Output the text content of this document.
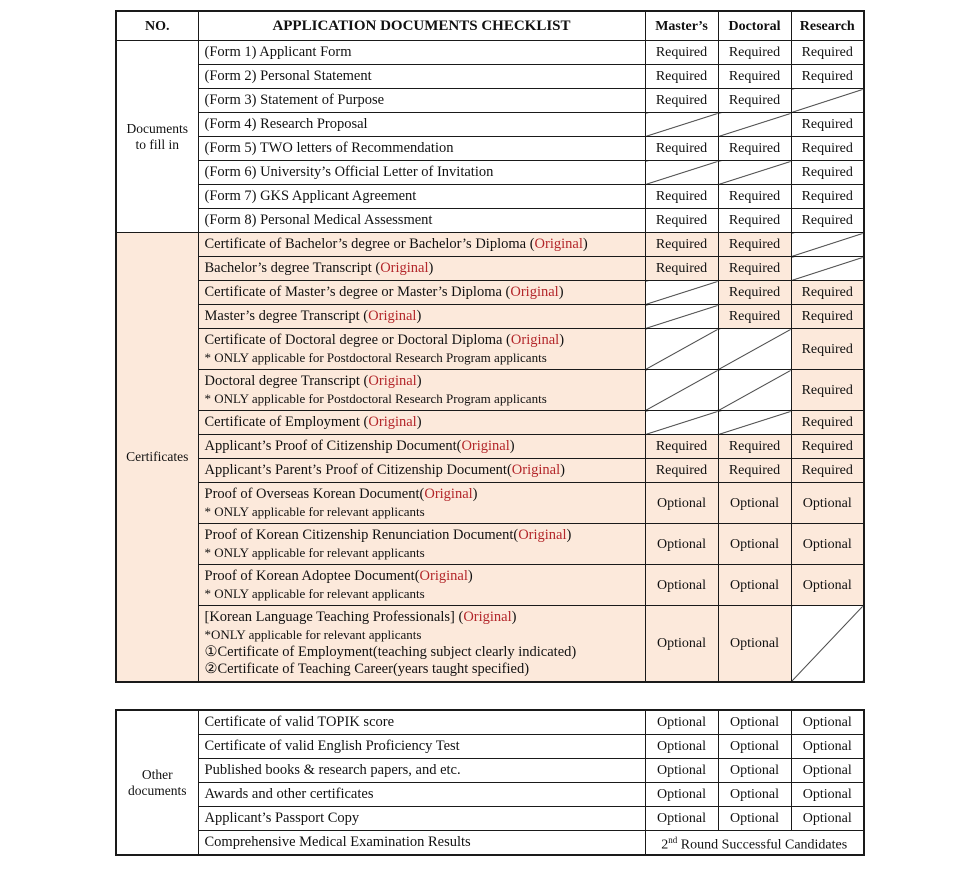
NO.	APPLICATION DOCUMENTS CHECKLIST	Master’s	Doctoral	Research
Documents
to fill in	(Form 1) Applicant Form	Required	Required	Required
	(Form 2) Personal Statement	Required	Required	Required
	(Form 3) Statement of Purpose	Required	Required	
	(Form 4) Research Proposal			Required
	(Form 5) TWO letters of Recommendation	Required	Required	Required
	(Form 6) University’s Official Letter of Invitation			Required
	(Form 7) GKS Applicant Agreement	Required	Required	Required
	(Form 8) Personal Medical Assessment	Required	Required	Required
Certificates	Certificate of Bachelor’s degree or Bachelor’s Diploma (Original)	Required	Required	
	Bachelor’s degree Transcript (Original)	Required	Required	
	Certificate of Master’s degree or Master’s Diploma (Original)		Required	Required
	Master’s degree Transcript (Original)		Required	Required
	Certificate of Doctoral degree or Doctoral Diploma (Original)
* ONLY applicable for Postdoctoral Research Program applicants			Required
	Doctoral degree Transcript (Original)
* ONLY applicable for Postdoctoral Research Program applicants			Required
	Certificate of Employment (Original)			Required
	Applicant’s Proof of Citizenship Document(Original)	Required	Required	Required
	Applicant’s Parent’s Proof of Citizenship Document(Original)	Required	Required	Required
	Proof of Overseas Korean Document(Original)
* ONLY applicable for relevant applicants	Optional	Optional	Optional
	Proof of Korean Citizenship Renunciation Document(Original)
* ONLY applicable for relevant applicants	Optional	Optional	Optional
	Proof of Korean Adoptee Document(Original)
* ONLY applicable for relevant applicants	Optional	Optional	Optional
	[Korean Language Teaching Professionals] (Original)
*ONLY applicable for relevant applicants
①Certificate of Employment(teaching subject clearly indicated)
②Certificate of Teaching Career(years taught specified)	Optional	Optional	
Other
documents	Certificate of valid TOPIK score	Optional	Optional	Optional
	Certificate of valid English Proficiency Test	Optional	Optional	Optional
	Published books & research papers, and etc.	Optional	Optional	Optional
	Awards and other certificates	Optional	Optional	Optional
	Applicant’s Passport Copy	Optional	Optional	Optional
	Comprehensive Medical Examination Results	2nd Round Successful Candidates		
